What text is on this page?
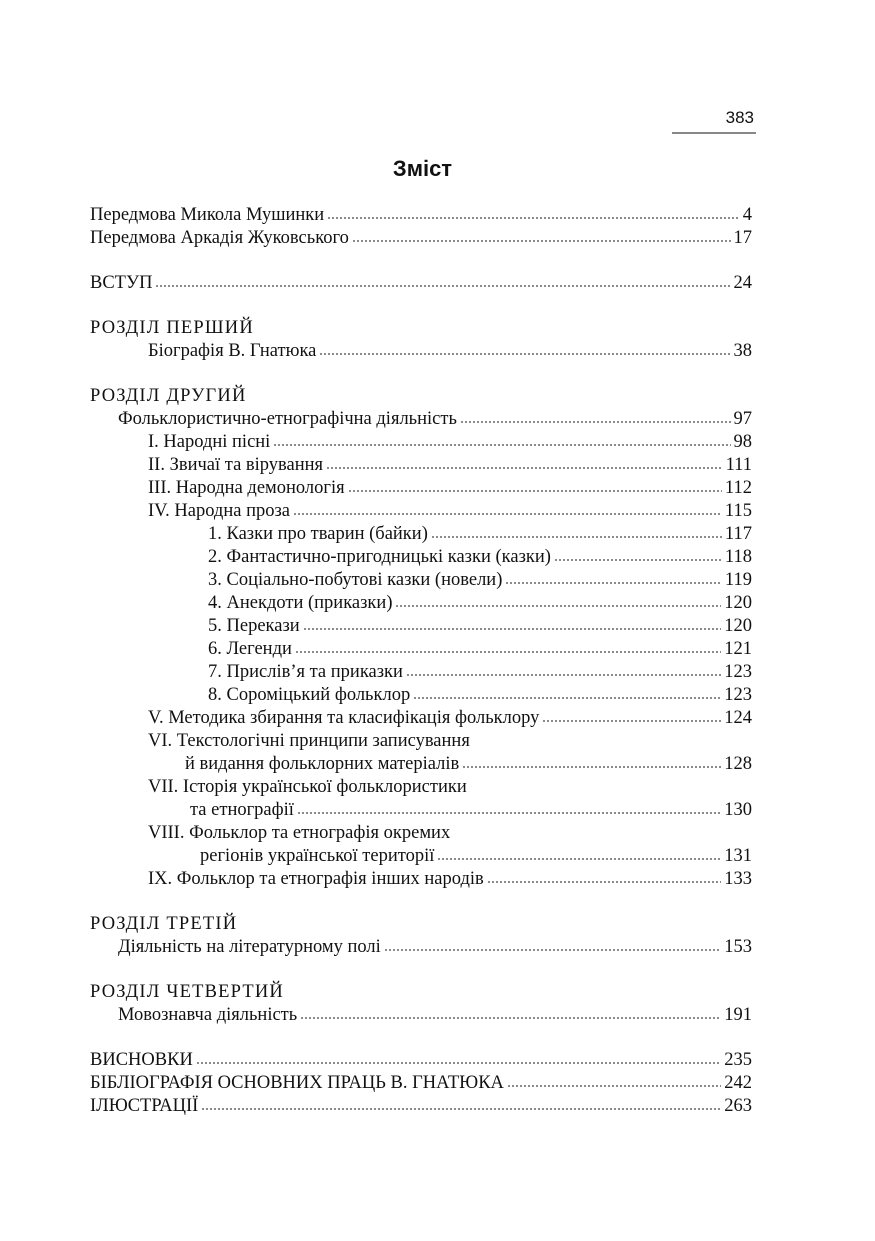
383
Зміст
Передмова Микола Мушинки	4
Передмова Аркадія Жуковського	17
ВСТУП	24
РОЗДІЛ ПЕРШИЙ
Біографія В. Гнатюка	38
РОЗДІЛ ДРУГИЙ
Фольклористично-етнографічна діяльність	97
I. Народні пісні	98
II. Звичаї та вірування	111
III. Народна демонологія	112
IV. Народна проза	115
1. Казки про тварин (байки)	117
2. Фантастично-пригодницькі казки (казки)	118
3. Соціально-побутові казки (новели)	119
4. Анекдоти (приказки)	120
5. Перекази	120
6. Легенди	121
7. Прислів’я та приказки	123
8. Сороміцький фольклор	123
V. Методика збирання та класифікація фольклору	124
VI. Текстологічні принципи записування
й видання фольклорних матеріалів	128
VII. Історія української фольклористики
та етнографії	130
VIII. Фольклор та етнографія окремих
регіонів української території	131
IX. Фольклор та етнографія інших народів	133
РОЗДІЛ ТРЕТІЙ
Діяльність на літературному полі	153
РОЗДІЛ ЧЕТВЕРТИЙ
Мовознавча діяльність	191
ВИСНОВКИ	235
БІБЛІОГРАФІЯ ОСНОВНИХ ПРАЦЬ В. ГНАТЮКА	242
ІЛЮСТРАЦІЇ	263
